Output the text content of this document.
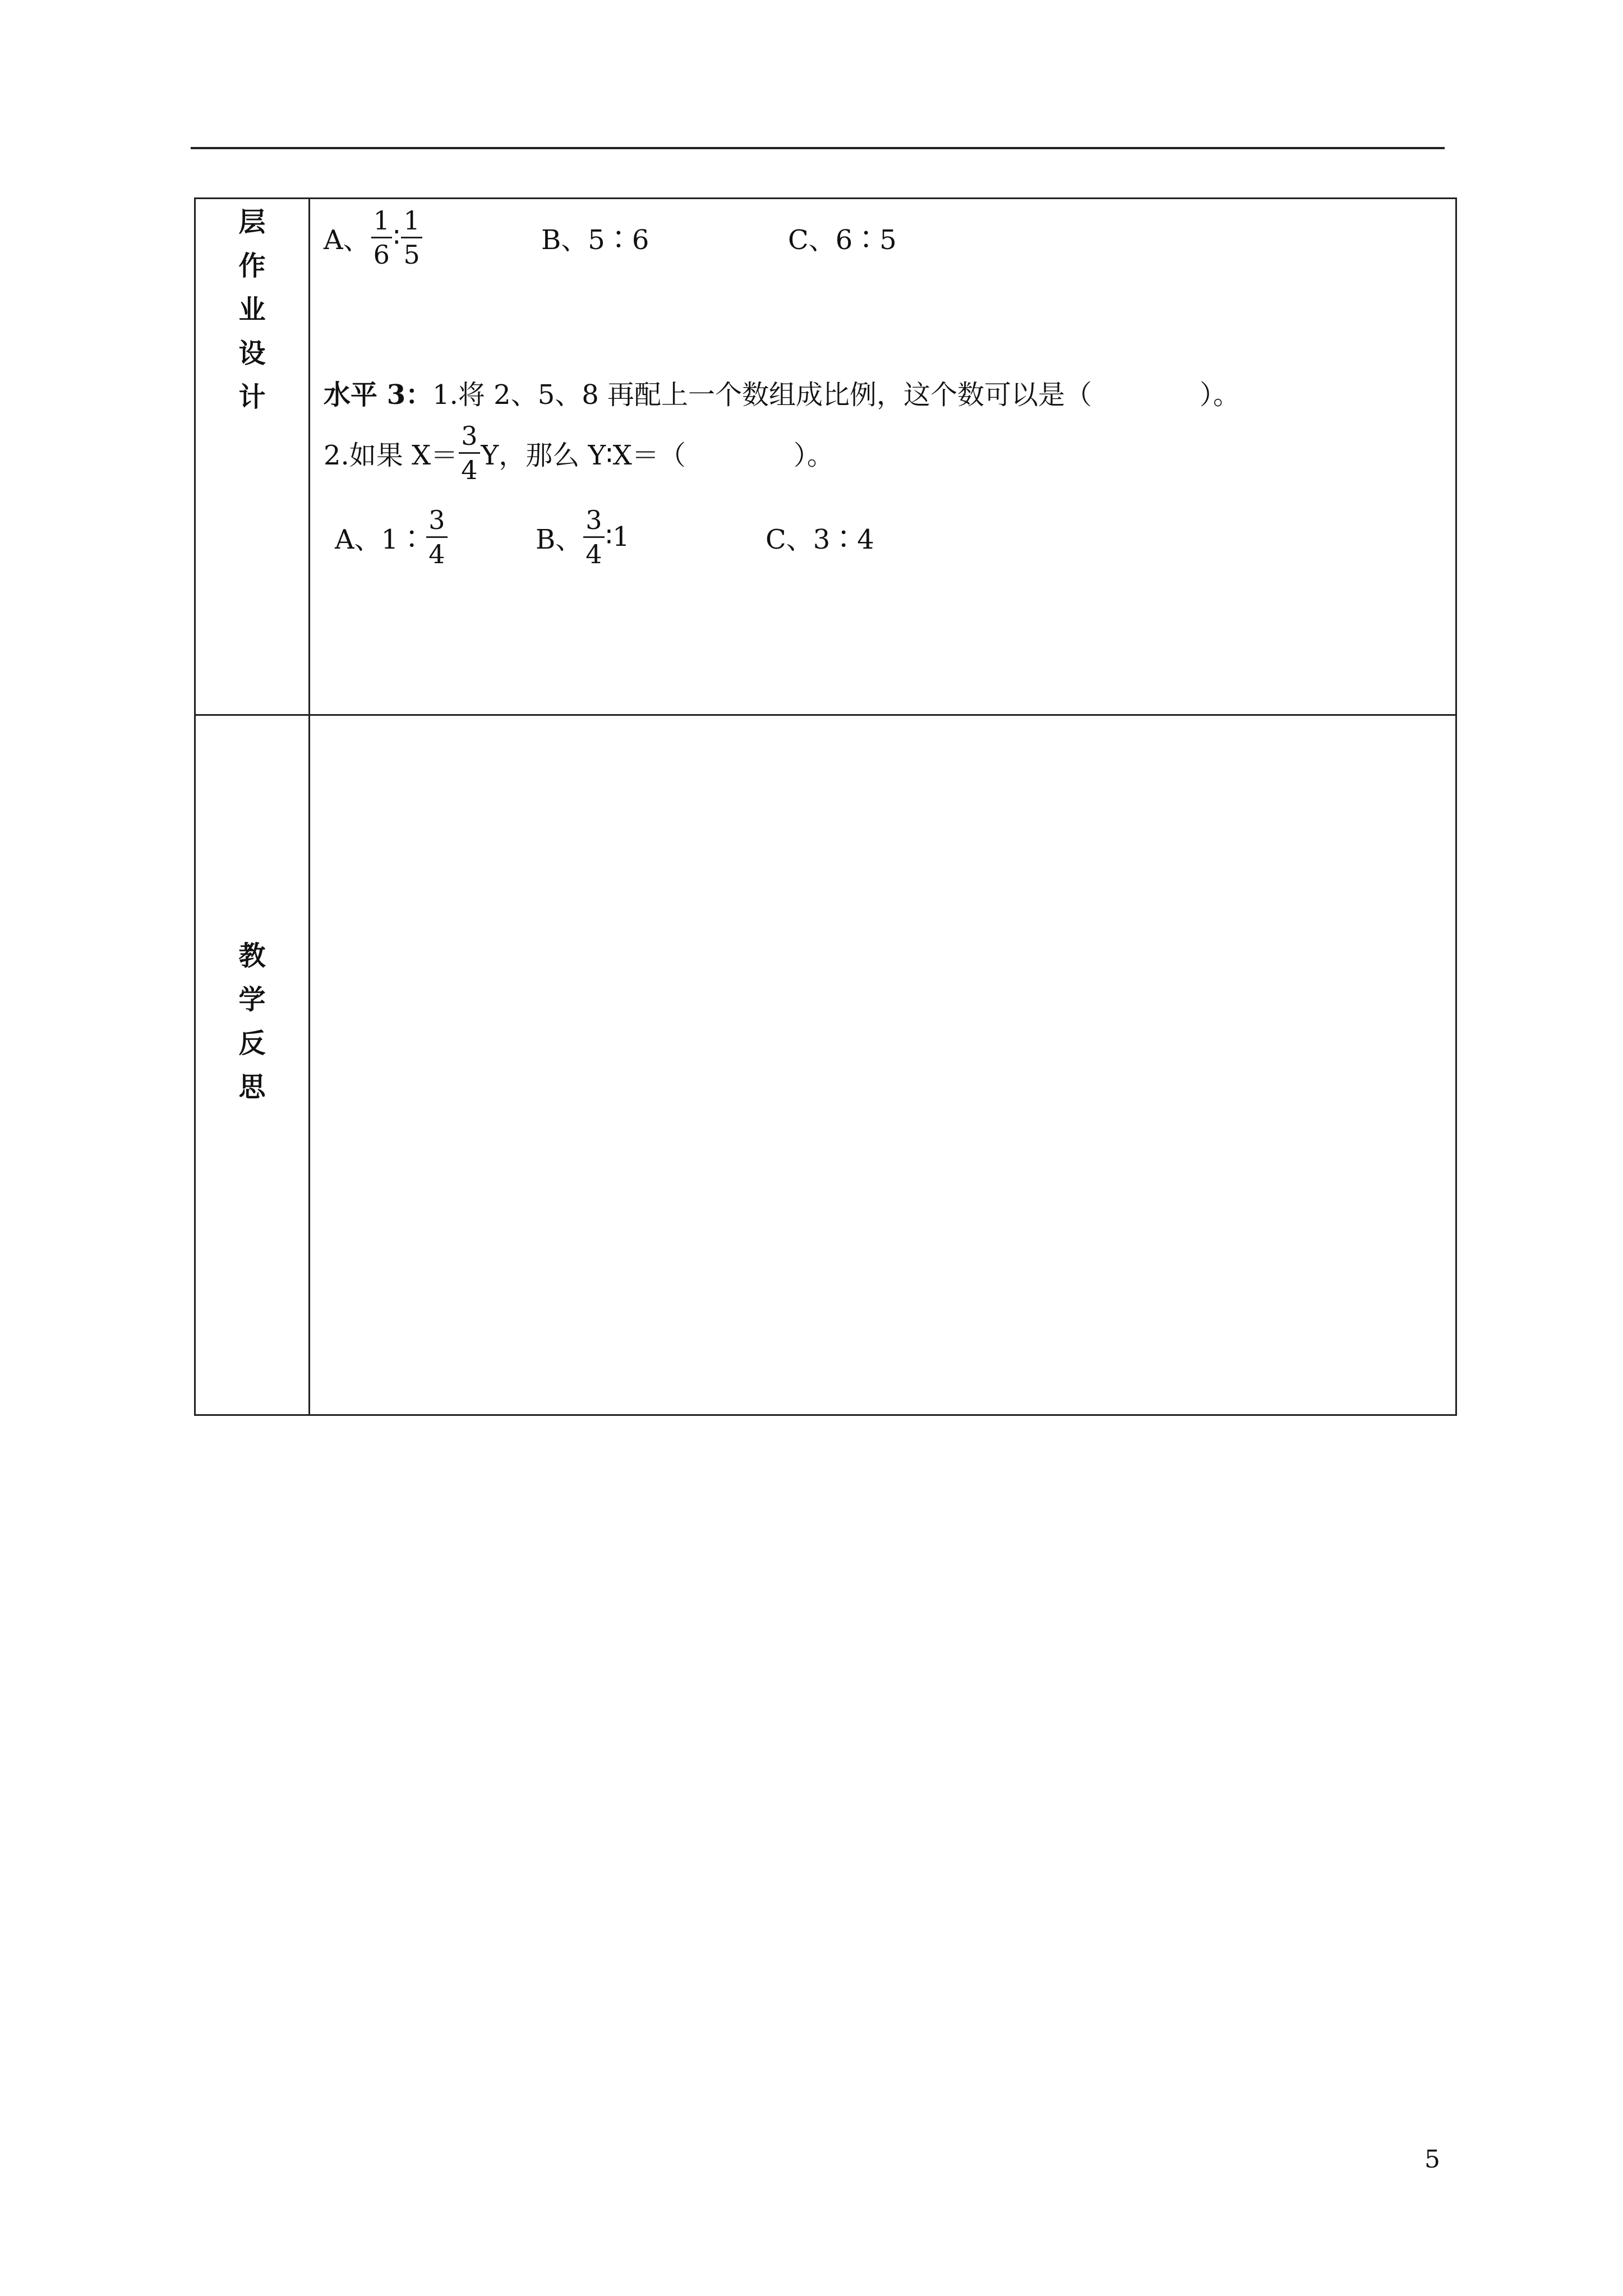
层
作
业
设
计
A、 $\frac{1}{6}$ ∶ $\frac{1}{5}$	B、5∶6	C、6∶5
水平 3： 1.将 2、5、8 再配上一个数组成比例，这个数可以是（　　　　）。
2.如果 $X= \frac{3}{4}$ Y，那么 Y∶X＝（　　　　）。
A、1∶ $\frac{3}{4}$	B、 $\frac{3}{4}$ ∶1	C、3∶4
教
学
反
思
5
